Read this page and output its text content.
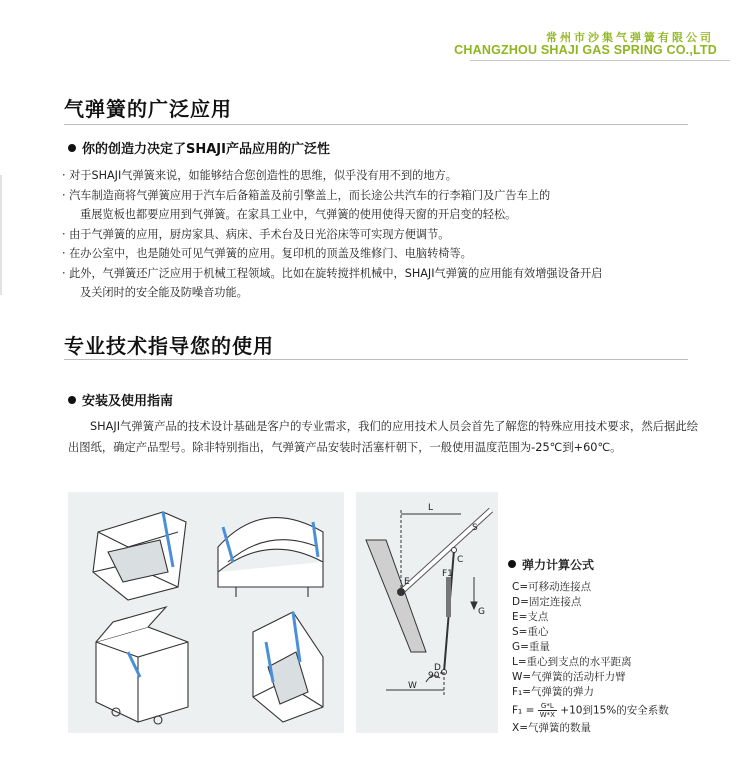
常州市沙集气弹簧有限公司
CHANGZHOU SHAJI GAS SPRING CO.,LTD
气弹簧的广泛应用
你的创造力决定了SHAJI产品应用的广泛性
· 对于SHAJI气弹簧来说，如能够结合您创造性的思维，似乎没有用不到的地方。
· 汽车制造商将气弹簧应用于汽车后备箱盖及前引擎盖上，而长途公共汽车的行李箱门及广告车上的
重展览板也都要应用到气弹簧。在家具工业中，气弹簧的使用使得天窗的开启变的轻松。
· 由于气弹簧的应用，厨房家具、病床、手术台及日光浴床等可实现方便调节。
· 在办公室中，也是随处可见气弹簧的应用。复印机的顶盖及维修门、电脑转椅等。
· 此外，气弹簧还广泛应用于机械工程领域。比如在旋转搅拌机械中，SHAJI气弹簧的应用能有效增强设备开启
及关闭时的安全能及防噪音功能。
专业技术指导您的使用
安装及使用指南
SHAJI气弹簧产品的技术设计基础是客户的专业需求，我们的应用技术人员会首先了解您的特殊应用技术要求，然后据此绘出图纸，确定产品型号。除非特别指出，气弹簧产品安装时活塞杆朝下，一般使用温度范围为-25℃到+60℃。
L
C
E
F1
G
D
W
90°
S
弹力计算公式
C=可移动连接点
D=固定连接点
E=支点
S=重心
G=重量
L=重心到支点的水平距离
W=气弹簧的活动杆力臂
F₁=气弹簧的弹力
$F_1 = \frac{G*L}{W*X} +10$到15%的安全系数
X=气弹簧的数量
